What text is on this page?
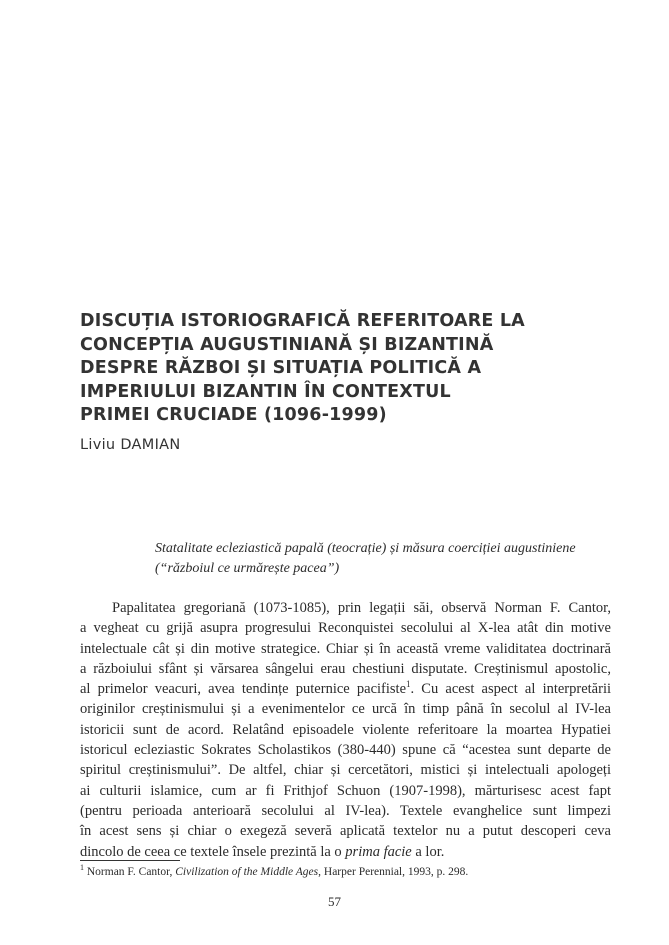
DISCUȚIA ISTORIOGRAFICĂ REFERITOARE LA
CONCEPȚIA AUGUSTINIANĂ ȘI BIZANTINĂ
DESPRE RĂZBOI ȘI SITUAȚIA POLITICĂ A
IMPERIULUI BIZANTIN ÎN CONTEXTUL
PRIMEI CRUCIADE (1096-1999)
Liviu DAMIAN
Statalitate ecleziastică papală (teocrație) și măsura coerciției augustiniene
(“războiul ce urmărește pacea”)
Papalitatea gregoriană (1073-1085), prin legații săi, observă Norman F. Cantor,
a vegheat cu grijă asupra progresului Reconquistei secolului al X-lea atât din motive
intelectuale cât și din motive strategice. Chiar și în această vreme validitatea doctrinară
a războiului sfânt și vărsarea sângelui erau chestiuni disputate. Creștinismul apostolic,
al primelor veacuri, avea tendințe puternice pacifiste$^1$. Cu acest aspect al interpretării
originilor creștinismului și a evenimentelor ce urcă în timp până în secolul al IV-lea
istoricii sunt de acord. Relatând episoadele violente referitoare la moartea Hypatiei
istoricul ecleziastic Sokrates Scholastikos (380-440) spune că “acestea sunt departe de
spiritul creștinismului”. De altfel, chiar și cercetători, mistici și intelectuali apologeți
ai culturii islamice, cum ar fi Frithjof Schuon (1907-1998), mărturisesc acest fapt
(pentru perioada anterioară secolului al IV-lea). Textele evanghelice sunt limpezi
în acest sens și chiar o exegeză severă aplicată textelor nu a putut descoperi ceva
dincolo de ceea ce textele însele prezintă la o prima facie a lor.
$^1$ Norman F. Cantor, Civilization of the Middle Ages, Harper Perennial, 1993, p. 298.
57
